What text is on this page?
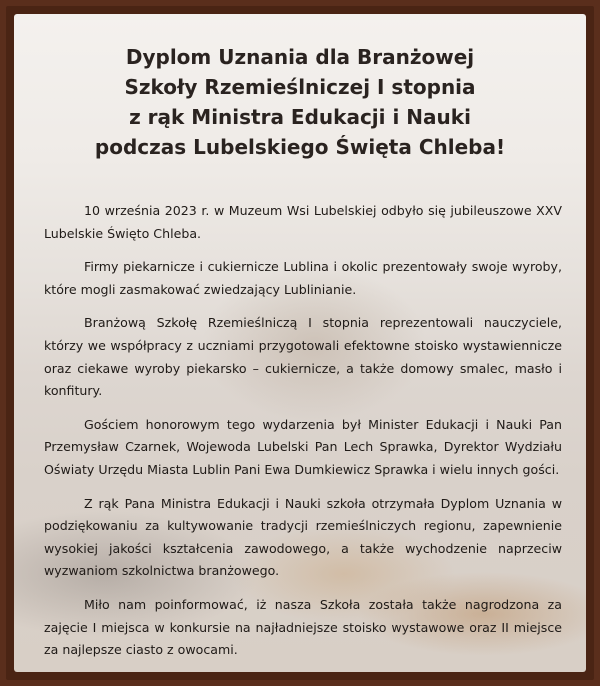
Dyplom Uznania dla Branżowej
Szkoły Rzemieślniczej I stopnia
z rąk Ministra Edukacji i Nauki
podczas Lubelskiego Święta Chleba!

10 września 2023 r. w Muzeum Wsi Lubelskiej odbyło się jubileuszowe XXV Lubelskie Święto Chleba.

Firmy piekarnicze i cukiernicze Lublina i okolic prezentowały swoje wyroby, które mogli zasmakować zwiedzający Lublinianie.

Branżową Szkołę Rzemieślniczą I stopnia reprezentowali nauczyciele, którzy we współpracy z uczniami przygotowali efektowne stoisko wystawiennicze oraz ciekawe wyroby piekarsko – cukiernicze, a także domowy smalec, masło i konfitury.

Gościem honorowym tego wydarzenia był Minister Edukacji i Nauki Pan Przemysław Czarnek, Wojewoda Lubelski Pan Lech Sprawka, Dyrektor Wydziału Oświaty Urzędu Miasta Lublin Pani Ewa Dumkiewicz Sprawka i wielu innych gości.

Z rąk Pana Ministra Edukacji i Nauki szkoła otrzymała Dyplom Uznania w podziękowaniu za kultywowanie tradycji rzemieślniczych regionu, zapewnienie wysokiej jakości kształcenia zawodowego, a także wychodzenie naprzeciw wyzwaniom szkolnictwa branżowego.

Miło nam poinformować, iż nasza Szkoła została także nagrodzona za zajęcie I miejsca w konkursie na najładniejsze stoisko wystawowe oraz II miejsce za najlepsze ciasto z owocami.
